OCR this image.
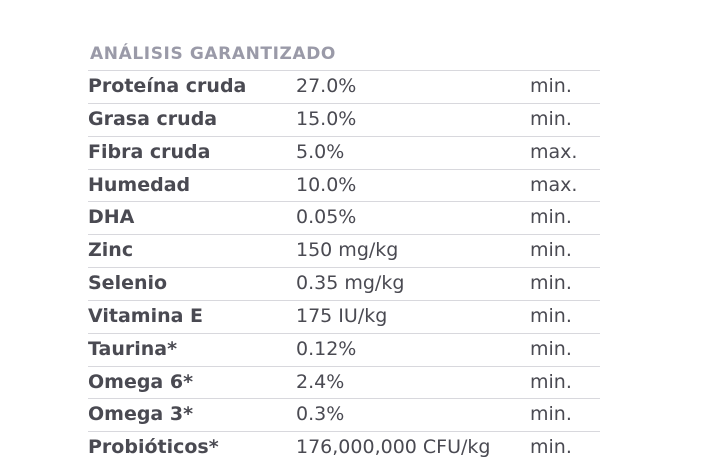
ANÁLISIS GARANTIZADO
Proteína cruda	27.0%	min.
Grasa cruda	15.0%	min.
Fibra cruda	5.0%	max.
Humedad	10.0%	max.
DHA	0.05%	min.
Zinc	150 mg/kg	min.
Selenio	0.35 mg/kg	min.
Vitamina E	175 IU/kg	min.
Taurina*	0.12%	min.
Omega 6*	2.4%	min.
Omega 3*	0.3%	min.
Probióticos*	176,000,000 CFU/kg	min.
